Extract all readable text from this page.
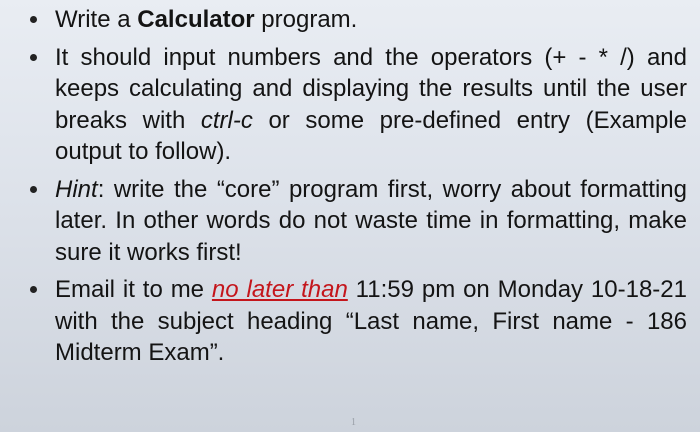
Write a Calculator program.
It should input numbers and the operators (+ - * /) and keeps calculating and displaying the results until the user breaks with ctrl-c or some pre-defined entry (Example output to follow).
Hint: write the “core” program first, worry about formatting later. In other words do not waste time in formatting, make sure it works first!
Email it to me no later than 11:59 pm on Monday 10-18-21 with the subject heading “Last name, First name - 186 Midterm Exam”.
1
